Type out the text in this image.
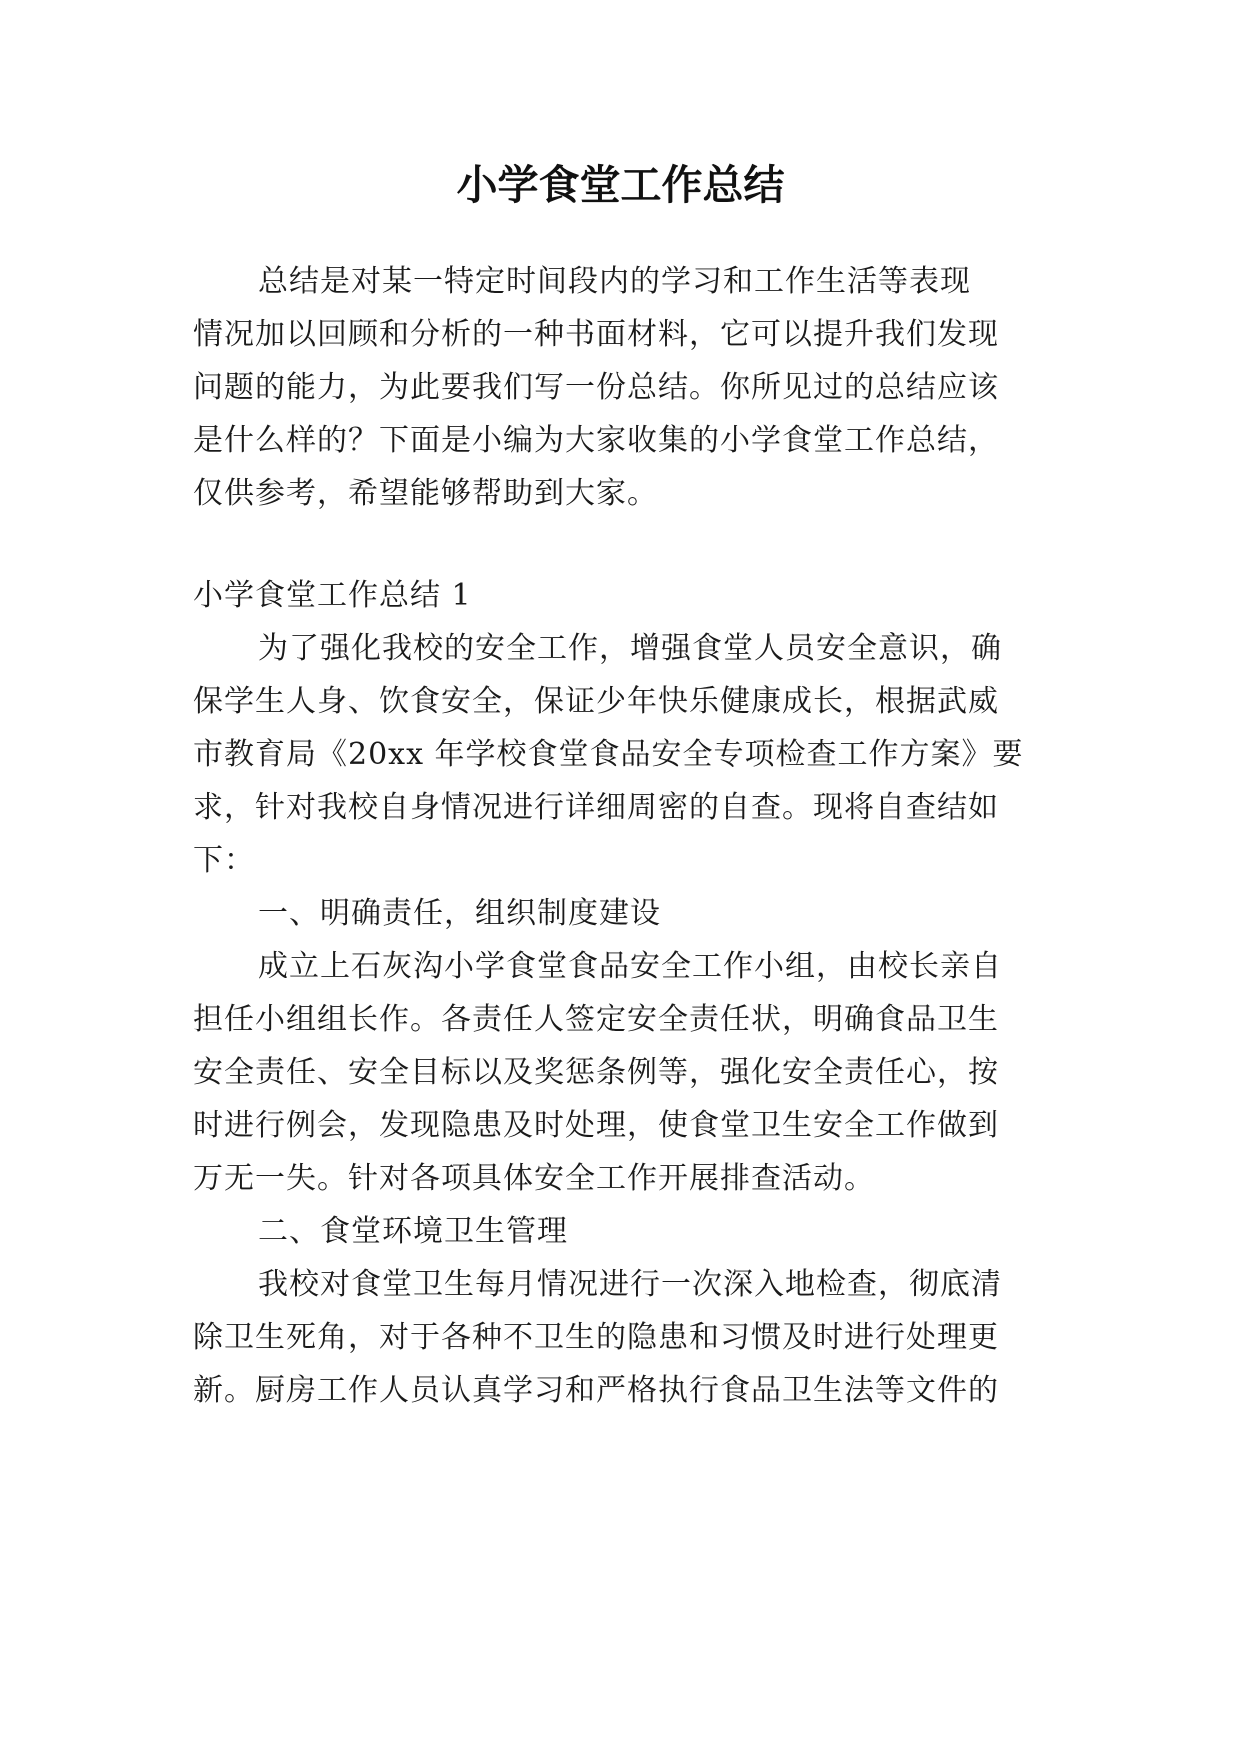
小学食堂工作总结

总结是对某一特定时间段内的学习和工作生活等表现

情况加以回顾和分析的一种书面材料，它可以提升我们发现

问题的能力，为此要我们写一份总结。你所见过的总结应该

是什么样的？下面是小编为大家收集的小学食堂工作总结，

仅供参考，希望能够帮助到大家。

小学食堂工作总结 1

为了强化我校的安全工作，增强食堂人员安全意识，确

保学生人身、饮食安全，保证少年快乐健康成长，根据武威

市教育局《20xx 年学校食堂食品安全专项检查工作方案》要

求，针对我校自身情况进行详细周密的自查。现将自查结如

下：

一、明确责任，组织制度建设

成立上石灰沟小学食堂食品安全工作小组，由校长亲自

担任小组组长作。各责任人签定安全责任状，明确食品卫生

安全责任、安全目标以及奖惩条例等，强化安全责任心，按

时进行例会，发现隐患及时处理，使食堂卫生安全工作做到

万无一失。针对各项具体安全工作开展排查活动。

二、食堂环境卫生管理

我校对食堂卫生每月情况进行一次深入地检查，彻底清

除卫生死角，对于各种不卫生的隐患和习惯及时进行处理更

新。厨房工作人员认真学习和严格执行食品卫生法等文件的
